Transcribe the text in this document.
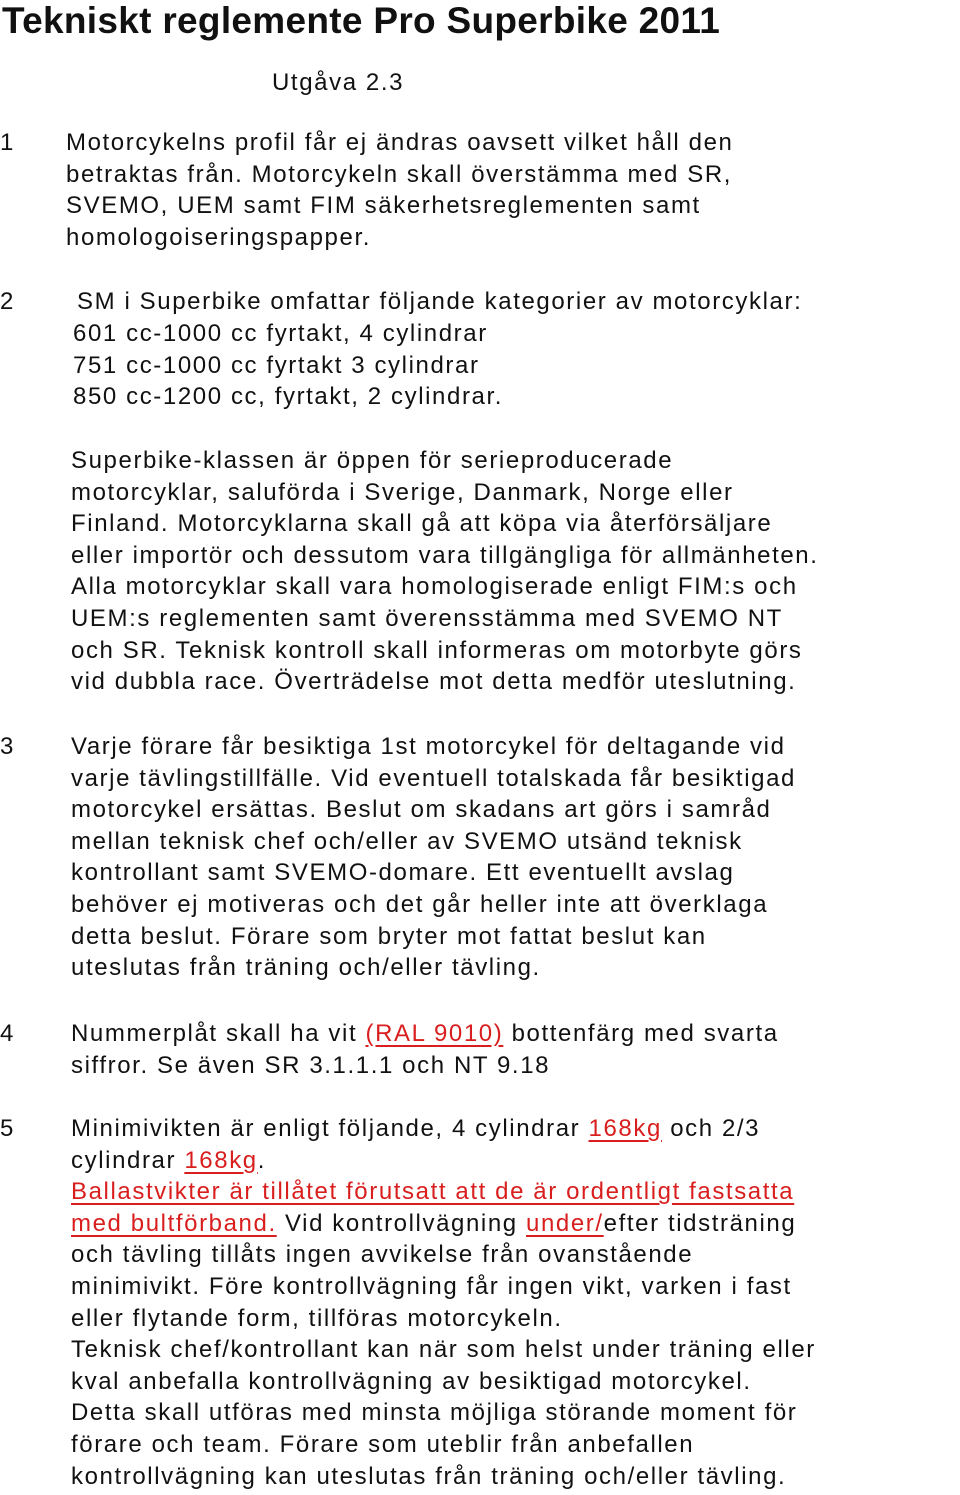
Tekniskt reglemente Pro Superbike 2011
Utgåva 2.3
1 Motorcykelns profil får ej ändras oavsett vilket håll den
betraktas från. Motorcykeln skall överstämma med SR,
SVEMO, UEM samt FIM säkerhetsreglementen samt
homologoiseringspapper.
2	SM i Superbike omfattar följande kategorier av motorcyklar:
601 cc-1000 cc fyrtakt, 4 cylindrar
751 cc-1000 cc fyrtakt 3 cylindrar
850 cc-1200 cc, fyrtakt, 2 cylindrar.
Superbike-klassen är öppen för serieproducerade
motorcyklar, saluförda i Sverige, Danmark, Norge eller
Finland. Motorcyklarna skall gå att köpa via återförsäljare
eller importör och dessutom vara tillgängliga för allmänheten.
Alla motorcyklar skall vara homologiserade enligt FIM:s och
UEM:s reglementen samt överensstämma med SVEMO NT
och SR. Teknisk kontroll skall informeras om motorbyte görs
vid dubbla race. Överträdelse mot detta medför uteslutning.
3 Varje förare får besiktiga 1st motorcykel för deltagande vid
varje tävlingstillfälle. Vid eventuell totalskada får besiktigad
motorcykel ersättas. Beslut om skadans art görs i samråd
mellan teknisk chef och/eller av SVEMO utsänd teknisk
kontrollant samt SVEMO-domare. Ett eventuellt avslag
behöver ej motiveras och det går heller inte att överklaga
detta beslut. Förare som bryter mot fattat beslut kan
uteslutas från träning och/eller tävling.
4 Nummerplåt skall ha vit (RAL 9010) bottenfärg med svarta
siffror. Se även SR 3.1.1.1 och NT 9.18
5 Minimivikten är enligt följande, 4 cylindrar 168kg och 2/3
cylindrar 168kg.
Ballastvikter är tillåtet förutsatt att de är ordentligt fastsatta
med bultförband. Vid kontrollvägning under/efter tidsträning
och tävling tillåts ingen avvikelse från ovanstående
minimivikt. Före kontrollvägning får ingen vikt, varken i fast
eller flytande form, tillföras motorcykeln.
Teknisk chef/kontrollant kan när som helst under träning eller
kval anbefalla kontrollvägning av besiktigad motorcykel.
Detta skall utföras med minsta möjliga störande moment för
förare och team. Förare som uteblir från anbefallen
kontrollvägning kan uteslutas från träning och/eller tävling.
